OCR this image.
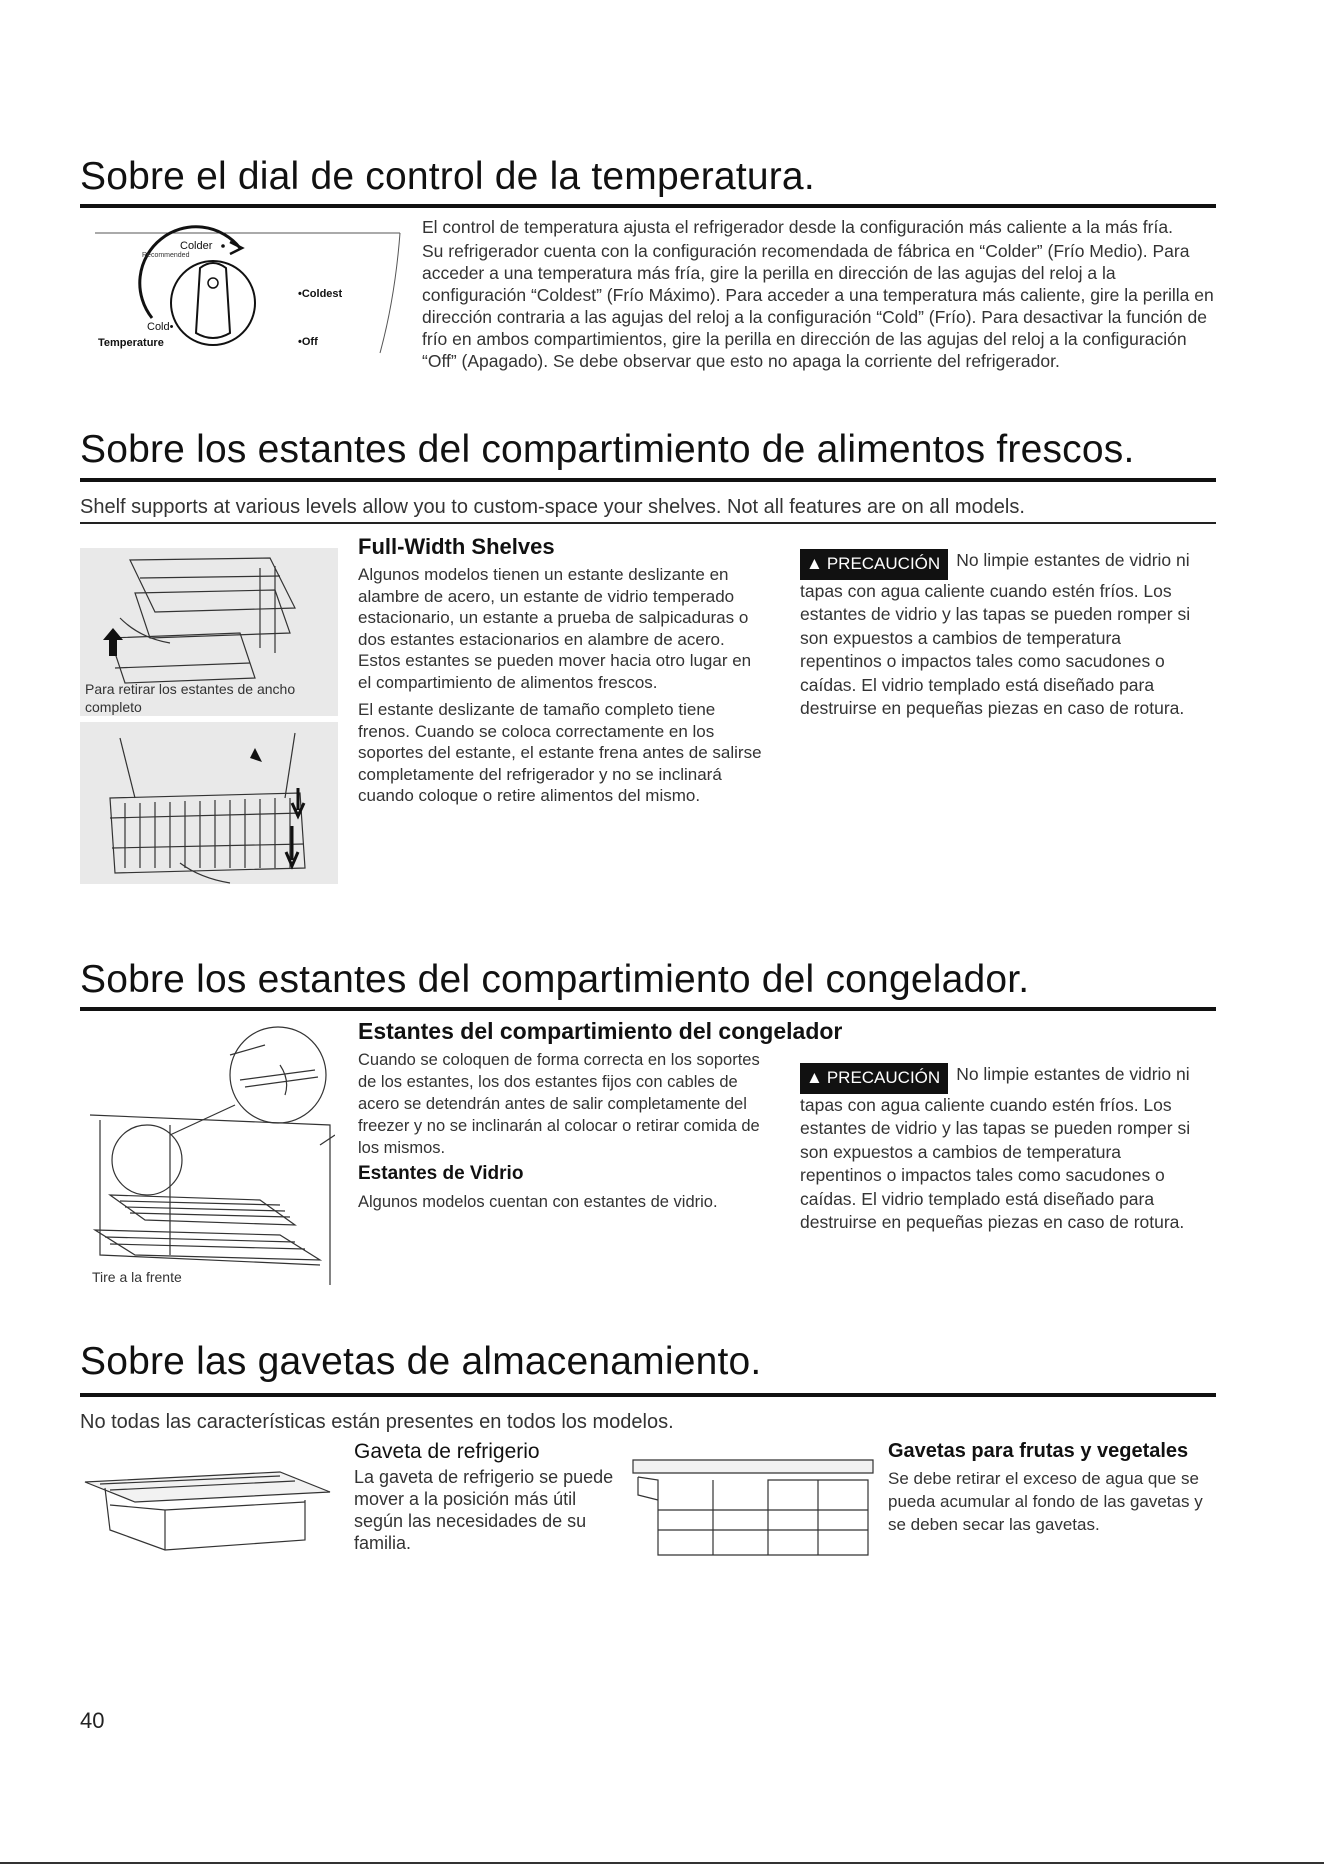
Sobre el dial de control de la temperatura.
Colder
Recommended
•Coldest
Cold•
Temperature	•Off

El control de temperatura ajusta el refrigerador desde la configuración más caliente a la más fría.

Su refrigerador cuenta con la configuración recomendada de fábrica en “Colder” (Frío Medio). Para acceder a una temperatura más fría, gire la perilla en dirección de las agujas del reloj a la configuración “Coldest” (Frío Máximo). Para acceder a una temperatura más caliente, gire la perilla en dirección contraria a las agujas del reloj a la configuración “Cold” (Frío). Para desactivar la función de frío en ambos compartimientos, gire la perilla en dirección de las agujas del reloj a la configuración “Off” (Apagado). Se debe observar que esto no apaga la corriente del refrigerador.

Sobre los estantes del compartimiento de alimentos frescos.
Shelf supports at various levels allow you to custom-space your shelves. Not all features are on all models.
Para retirar los estantes de ancho
completo
Full-Width Shelves

Algunos modelos tienen un estante deslizante en alambre de acero, un estante de vidrio temperado estacionario, un estante a prueba de salpicaduras o dos estantes estacionarios en alambre de acero. Estos estantes se pueden mover hacia otro lugar en el compartimiento de alimentos frescos.

El estante deslizante de tamaño completo tiene frenos. Cuando se coloca correctamente en los soportes del estante, el estante frena antes de salirse completamente del refrigerador y no se inclinará cuando coloque o retire alimentos del mismo.

▲ PRECAUCIÓN No limpie estantes de vidrio ni tapas con agua caliente cuando estén fríos. Los estantes de vidrio y las tapas se pueden romper si son expuestos a cambios de temperatura repentinos o impactos tales como sacudones o caídas. El vidrio templado está diseñado para destruirse en pequeñas piezas en caso de rotura.
Sobre los estantes del compartimiento del congelador.
Tire a la frente
Estantes del compartimiento del congelador

Cuando se coloquen de forma correcta en los soportes de los estantes, los dos estantes fijos con cables de acero se detendrán antes de salir completamente del freezer y no se inclinarán al colocar o retirar comida de los mismos.

Estantes de Vidrio

Algunos modelos cuentan con estantes de vidrio.

▲ PRECAUCIÓN No limpie estantes de vidrio ni tapas con agua caliente cuando estén fríos. Los estantes de vidrio y las tapas se pueden romper si son expuestos a cambios de temperatura repentinos o impactos tales como sacudones o caídas. El vidrio templado está diseñado para destruirse en pequeñas piezas en caso de rotura.
Sobre las gavetas de almacenamiento.
No todas las características están presentes en todos los modelos.
Gaveta de refrigerio
La gaveta de refrigerio se puede mover a la posición más útil según las necesidades de su familia.
Gavetas para frutas y vegetales
Se debe retirar el exceso de agua que se pueda acumular al fondo de las gavetas y se deben secar las gavetas.
40
